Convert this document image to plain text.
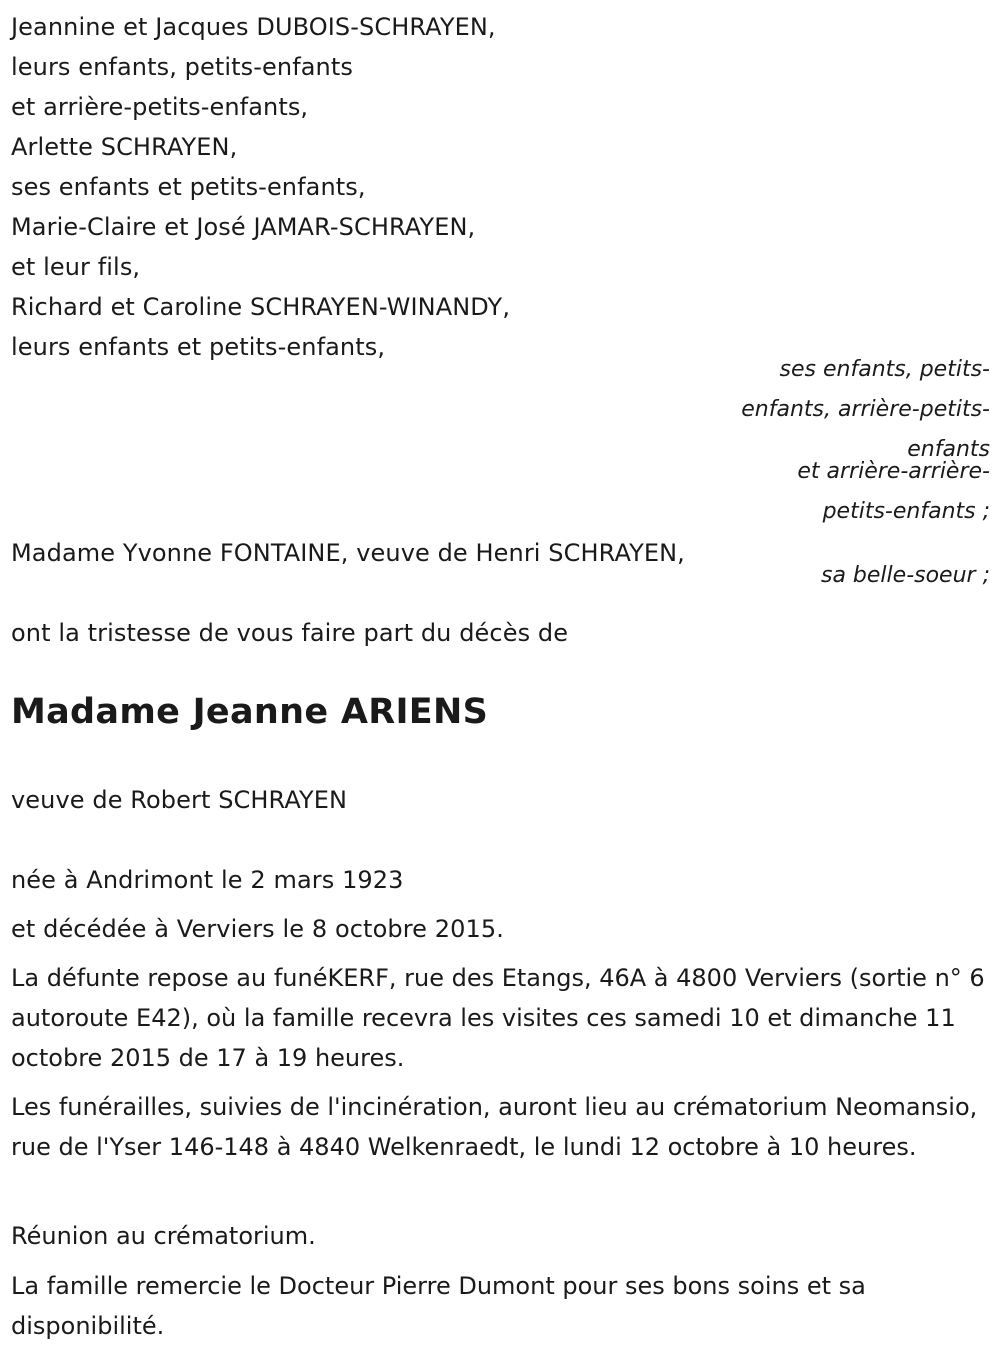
Jeannine et Jacques DUBOIS-SCHRAYEN,
leurs enfants, petits-enfants
et arrière-petits-enfants,
Arlette SCHRAYEN,
ses enfants et petits-enfants,
Marie-Claire et José JAMAR-SCHRAYEN,
et leur fils,
Richard et Caroline SCHRAYEN-WINANDY,
leurs enfants et petits-enfants,
ses enfants, petits-enfants, arrière-petits-enfants
et arrière-arrière-petits-enfants ;
Madame Yvonne FONTAINE, veuve de Henri SCHRAYEN,
sa belle-soeur ;
ont la tristesse de vous faire part du décès de
Madame Jeanne ARIENS
veuve de Robert SCHRAYEN
née à Andrimont le 2 mars 1923
et décédée à Verviers le 8 octobre 2015.
La défunte repose au funéKERF, rue des Etangs, 46A à 4800 Verviers (sortie n° 6 autoroute E42), où la famille recevra les visites ces samedi 10 et dimanche 11 octobre 2015 de 17 à 19 heures.
Les funérailles, suivies de l'incinération, auront lieu au crématorium Neomansio, rue de l'Yser 146-148 à 4840 Welkenraedt, le lundi 12 octobre à 10 heures.
Réunion au crématorium.
La famille remercie le Docteur Pierre Dumont pour ses bons soins et sa disponibilité.
